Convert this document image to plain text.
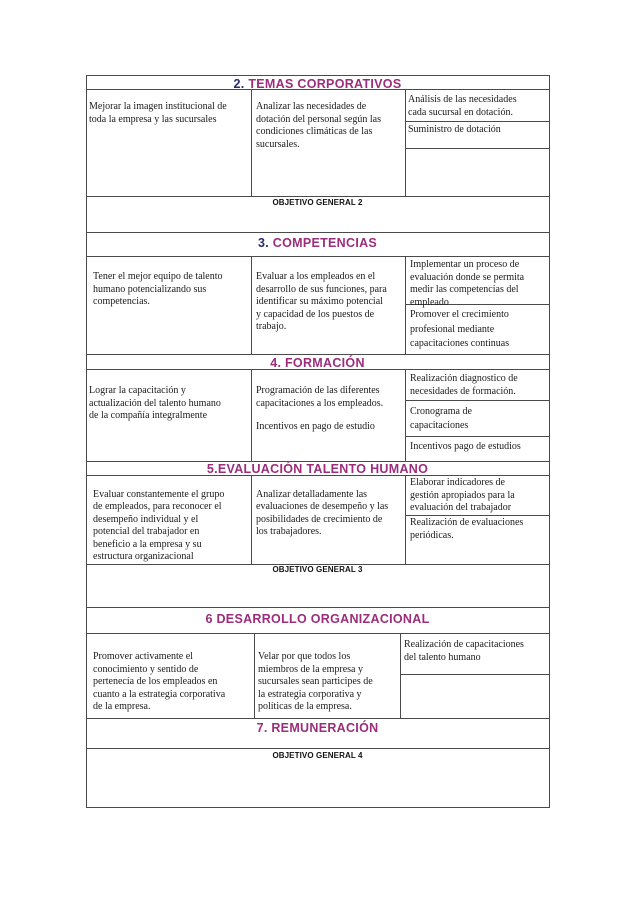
2. TEMAS CORPORATIVOS
Mejorar la imagen institucional de
toda la empresa y las sucursales
Analizar las necesidades de
dotación del personal según las
condiciones climáticas de las
sucursales.
Análisis de las necesidades
cada sucursal en dotación.
Suministro de dotación
OBJETIVO GENERAL 2
3. COMPETENCIAS
Tener el mejor equipo de talento
humano potencializando sus
competencias.
Evaluar a los empleados en el
desarrollo de sus funciones, para
identificar su máximo potencial
y capacidad de los puestos de
trabajo.
Implementar un proceso de
evaluación donde se permita
medir las competencias del
empleado
Promover el crecimiento
profesional mediante
capacitaciones continuas
4. FORMACIÓN
Lograr la capacitación y
actualización del talento humano
de la compañía integralmente
Programación de las diferentes
capacitaciones a los empleados.
Incentivos en pago de estudio
Realización diagnostico de
necesidades de formación.
Cronograma de
capacitaciones
Incentivos pago de estudios
5.EVALUACIÓN TALENTO HUMANO
Evaluar constantemente el grupo
de empleados, para reconocer el
desempeño individual y el
potencial del trabajador en
beneficio a la empresa y su
estructura organizacional
Analizar detalladamente las
evaluaciones de desempeño y las
posibilidades de crecimiento de
los trabajadores.
Elaborar indicadores de
gestión apropiados para la
evaluación del trabajador
Realización de evaluaciones
periódicas.
OBJETIVO GENERAL 3
6 DESARROLLO ORGANIZACIONAL
Promover activamente el
conocimiento y sentido de
pertenecía de los empleados en
cuanto a la estrategia corporativa
de la empresa.
Velar por que todos los
miembros de la empresa y
sucursales sean participes de
la estrategia corporativa y
políticas de la empresa.
Realización de capacitaciones
del talento humano
7. REMUNERACIÓN
OBJETIVO GENERAL 4
